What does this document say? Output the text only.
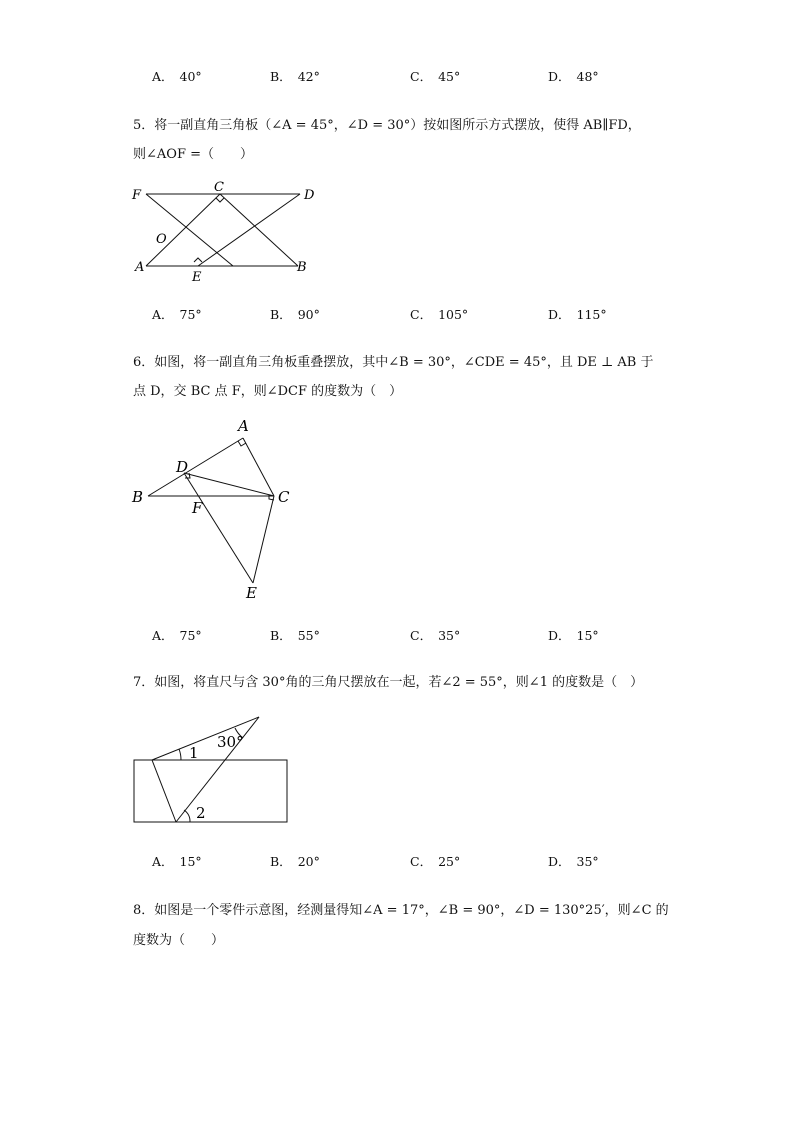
A． 40°	B． 42°	C． 45°	D． 48°
5．将一副直角三角板（∠A = 45°，∠D = 30°）按如图所示方式摆放，使得 AB∥FD，
则∠AOF =（　　）
F
C
D
O
A
E
B
A． 75°	B． 90°	C． 105°	D． 115°
6．如图，将一副直角三角板重叠摆放，其中∠B = 30°，∠CDE = 45°，且 DE ⊥ AB 于
点 D，交 BC 点 F，则∠DCF 的度数为（　）
A
D
B	C
F
E
A． 75°	B． 55°	C． 35°	D． 15°
7．如图，将直尺与含 30°角的三角尺摆放在一起，若∠2 = 55°，则∠1 的度数是（　）
1
30°
2
A． 15°	B． 20°	C． 25°	D． 35°
8．如图是一个零件示意图，经测量得知∠A = 17°，∠B = 90°，∠D = 130°25′，则∠C 的
度数为（　　）
